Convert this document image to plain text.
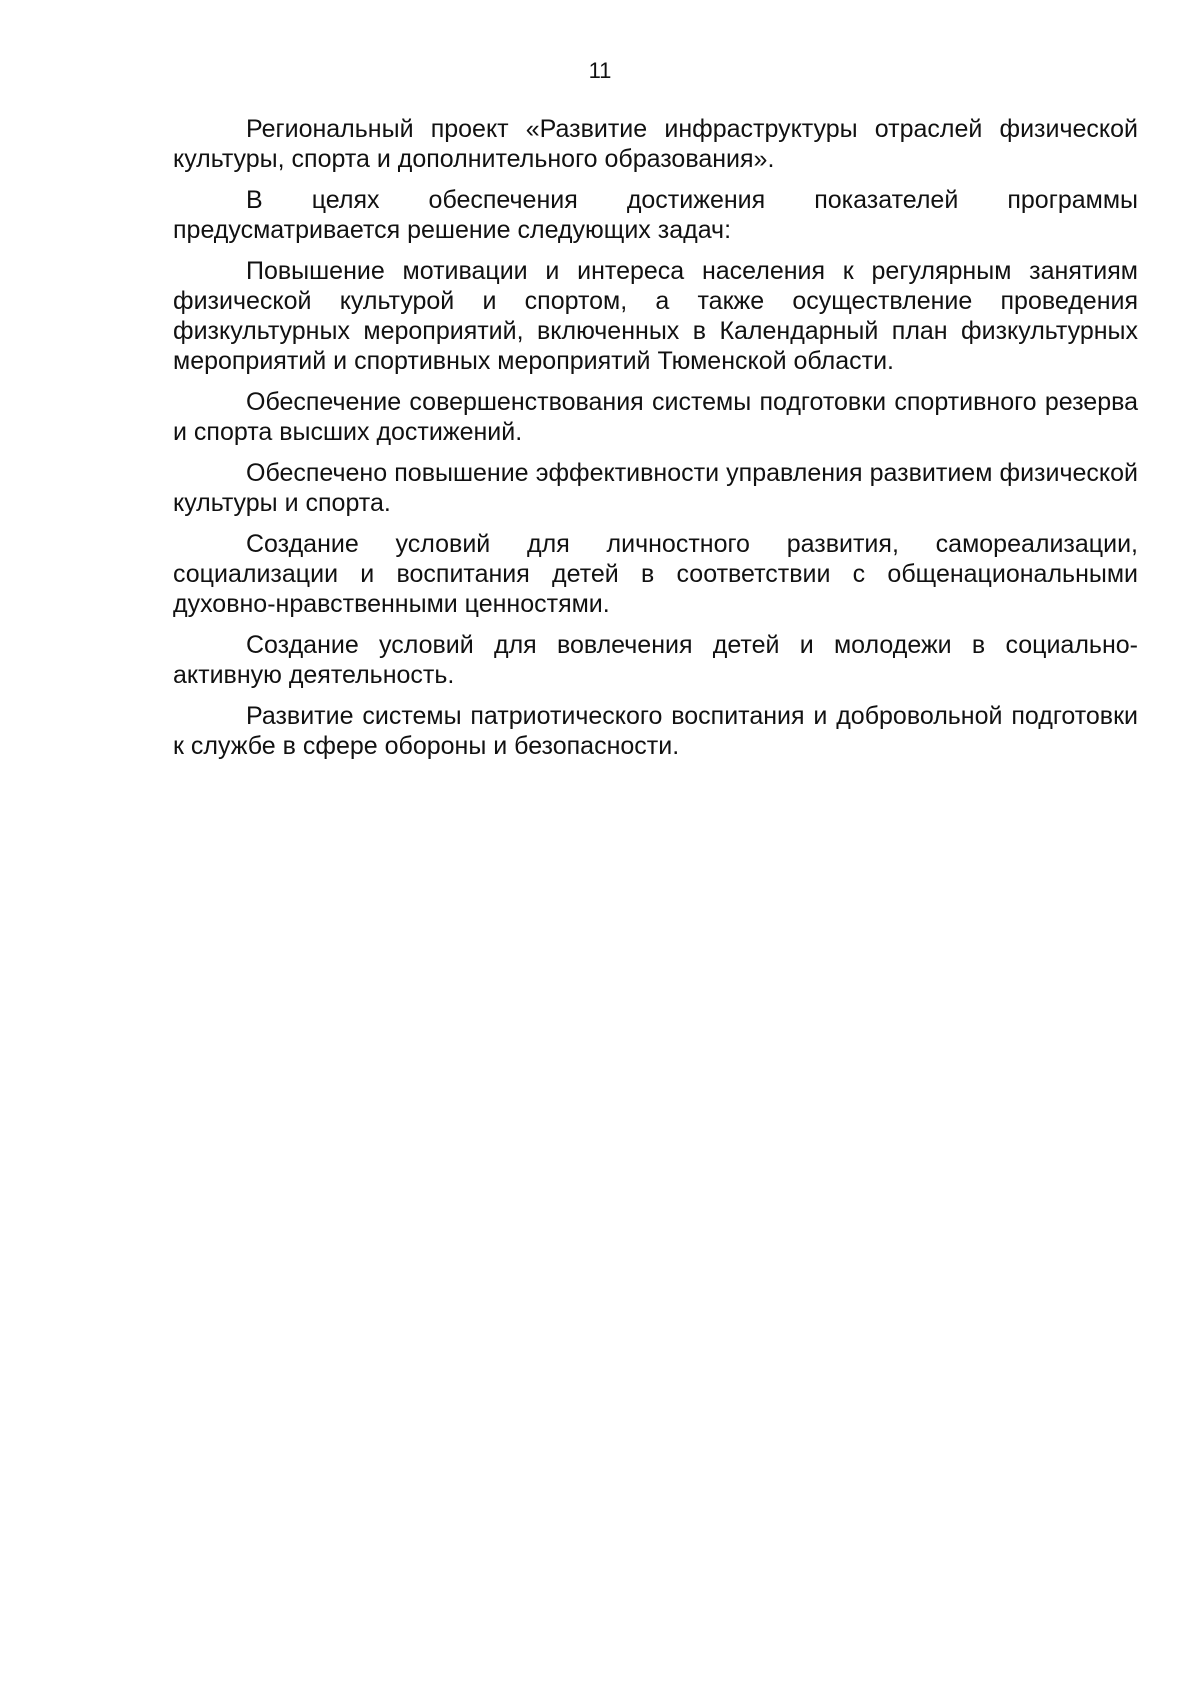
11

Региональный проект «Развитие инфраструктуры отраслей физической культуры, спорта и дополнительного образования».

В целях обеспечения достижения показателей программы предусматривается решение следующих задач:

Повышение мотивации и интереса населения к регулярным занятиям физической культурой и спортом, а также осуществление проведения физкультурных мероприятий, включенных в Календарный план физкультурных мероприятий и спортивных мероприятий Тюменской области.

Обеспечение совершенствования системы подготовки спортивного резерва и спорта высших достижений.

Обеспечено повышение эффективности управления развитием физической культуры и спорта.

Создание условий для личностного развития, самореализации, социализации и воспитания детей в соответствии с общенациональными духовно-нравственными ценностями.

Создание условий для вовлечения детей и молодежи в социально-активную деятельность.

Развитие системы патриотического воспитания и добровольной подготовки к службе в сфере обороны и безопасности.
